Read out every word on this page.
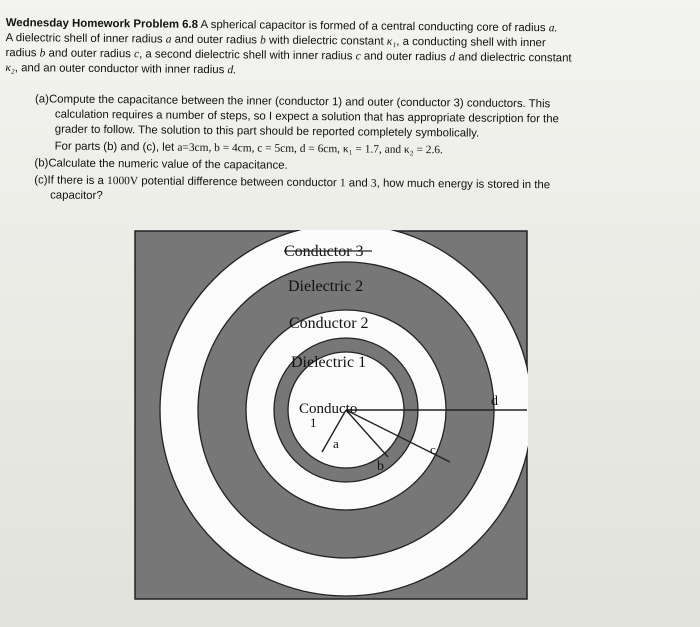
Wednesday Homework Problem 6.8 A spherical capacitor is formed of a central conducting core of radius a.
A dielectric shell of inner radius a and outer radius b with dielectric constant κ₁, a conducting shell with inner
radius b and outer radius c, a second dielectric shell with inner radius c and outer radius d and dielectric constant
κ₂, and an outer conductor with inner radius d.
(a)Compute the capacitance between the inner (conductor 1) and outer (conductor 3) conductors. This
calculation requires a number of steps, so I expect a solution that has appropriate description for the
grader to follow. The solution to this part should be reported completely symbolically.
For parts (b) and (c), let a=3cm, b = 4cm, c = 5cm, d = 6cm, κ₁ = 1.7, and κ₂ = 2.6.
(b)Calculate the numeric value of the capacitance.
(c)If there is a 1000V potential difference between conductor 1 and 3, how much energy is stored in the
capacitor?
Conductor 3
Dielectric 2
Conductor 2
Dielectric 1
Conducto
1
a
b
c
d
